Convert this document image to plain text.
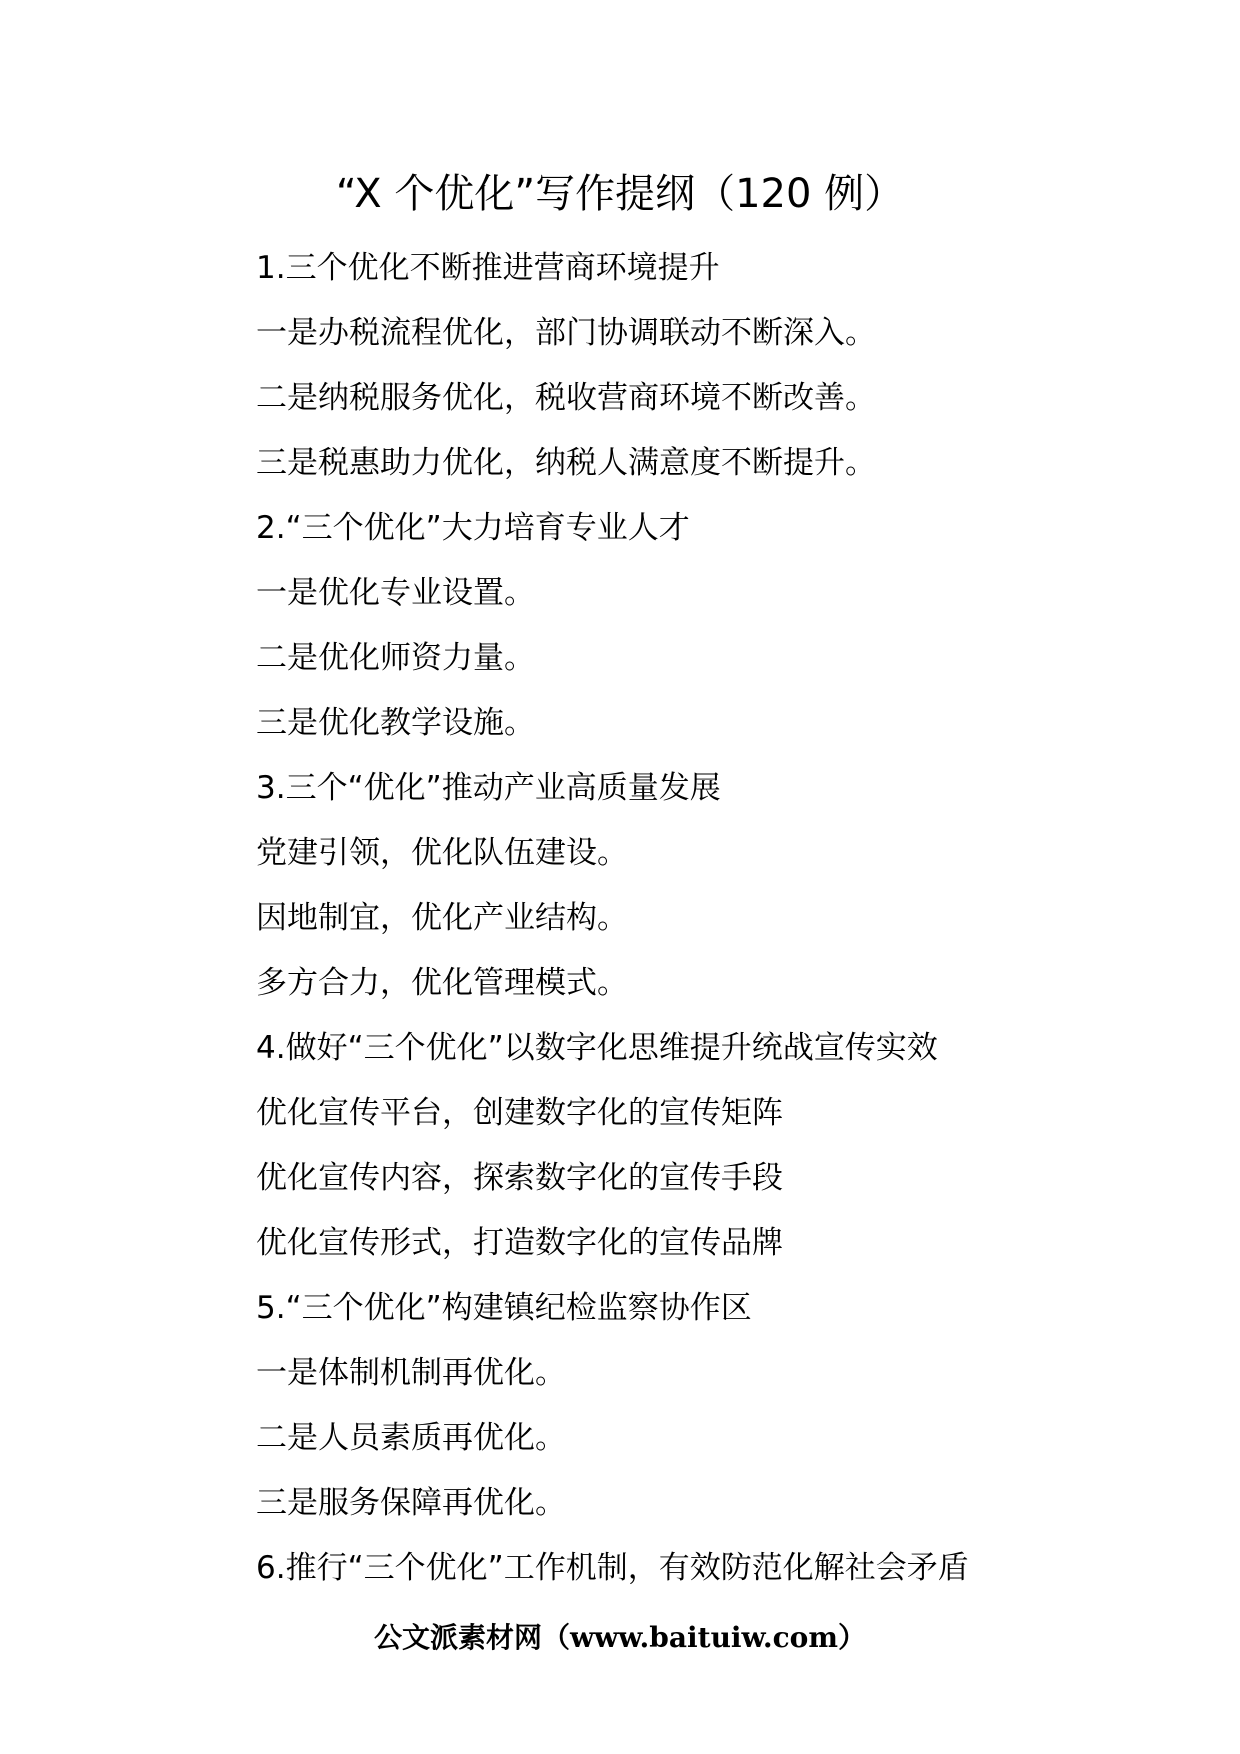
“X 个优化”写作提纲（120 例）
1.三个优化不断推进营商环境提升
一是办税流程优化，部门协调联动不断深入。
二是纳税服务优化，税收营商环境不断改善。
三是税惠助力优化，纳税人满意度不断提升。
2.“三个优化”大力培育专业人才
一是优化专业设置。
二是优化师资力量。
三是优化教学设施。
3.三个“优化”推动产业高质量发展
党建引领，优化队伍建设。
因地制宜，优化产业结构。
多方合力，优化管理模式。
4.做好“三个优化”以数字化思维提升统战宣传实效
优化宣传平台，创建数字化的宣传矩阵
优化宣传内容，探索数字化的宣传手段
优化宣传形式，打造数字化的宣传品牌
5.“三个优化”构建镇纪检监察协作区
一是体制机制再优化。
二是人员素质再优化。
三是服务保障再优化。
6.推行“三个优化”工作机制，有效防范化解社会矛盾
公文派素材网（www.baituiw.com）
